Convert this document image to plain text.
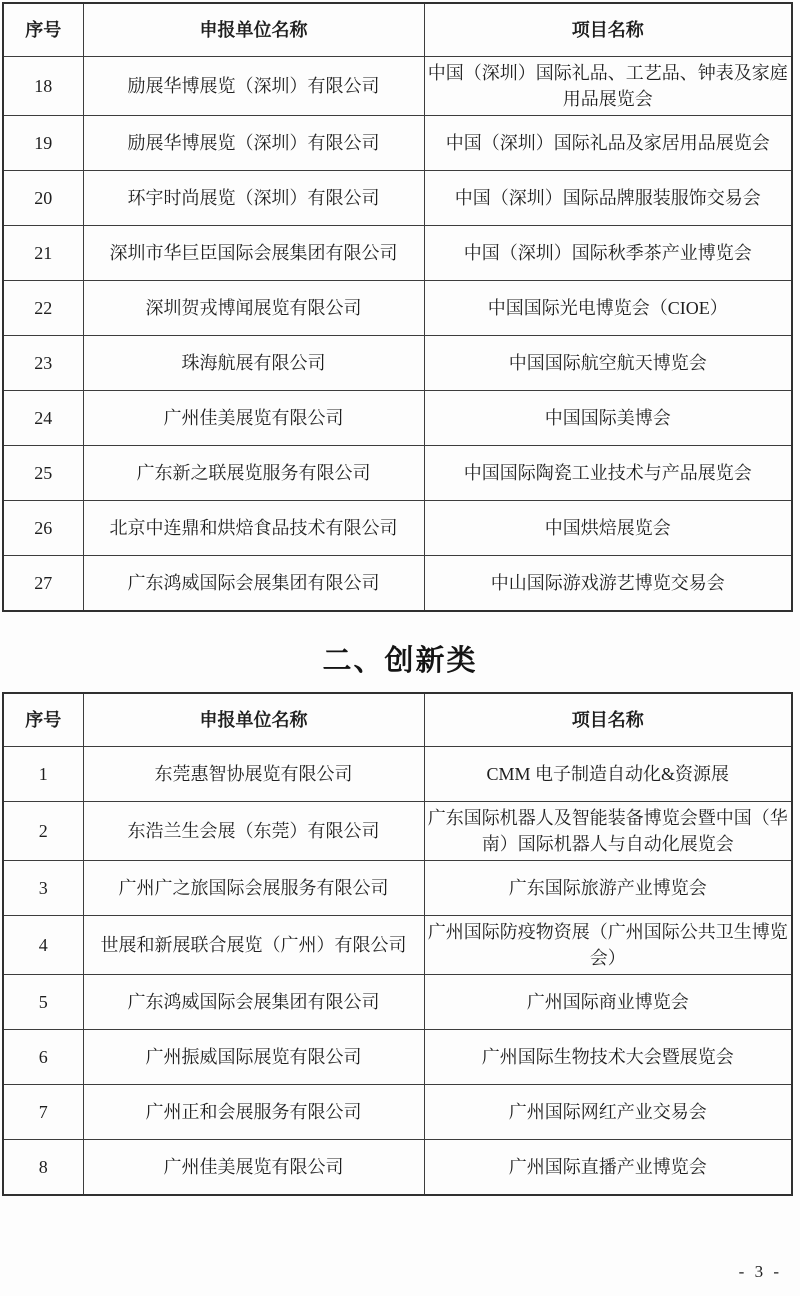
序号	申报单位名称	项目名称
18	励展华博展览（深圳）有限公司	中国（深圳）国际礼品、工艺品、钟表及家庭用品展览会
19	励展华博展览（深圳）有限公司	中国（深圳）国际礼品及家居用品展览会
20	环宇时尚展览（深圳）有限公司	中国（深圳）国际品牌服装服饰交易会
21	深圳市华巨臣国际会展集团有限公司	中国（深圳）国际秋季茶产业博览会
22	深圳贺戎博闻展览有限公司	中国国际光电博览会（CIOE）
23	珠海航展有限公司	中国国际航空航天博览会
24	广州佳美展览有限公司	中国国际美博会
25	广东新之联展览服务有限公司	中国国际陶瓷工业技术与产品展览会
26	北京中连鼎和烘焙食品技术有限公司	中国烘焙展览会
27	广东鸿威国际会展集团有限公司	中山国际游戏游艺博览交易会
二、创新类
序号	申报单位名称	项目名称
1	东莞惠智协展览有限公司	CMM 电子制造自动化&资源展
2	东浩兰生会展（东莞）有限公司	广东国际机器人及智能装备博览会暨中国（华南）国际机器人与自动化展览会
3	广州广之旅国际会展服务有限公司	广东国际旅游产业博览会
4	世展和新展联合展览（广州）有限公司	广州国际防疫物资展（广州国际公共卫生博览会）
5	广东鸿威国际会展集团有限公司	广州国际商业博览会
6	广州振威国际展览有限公司	广州国际生物技术大会暨展览会
7	广州正和会展服务有限公司	广州国际网红产业交易会
8	广州佳美展览有限公司	广州国际直播产业博览会
- 3 -
